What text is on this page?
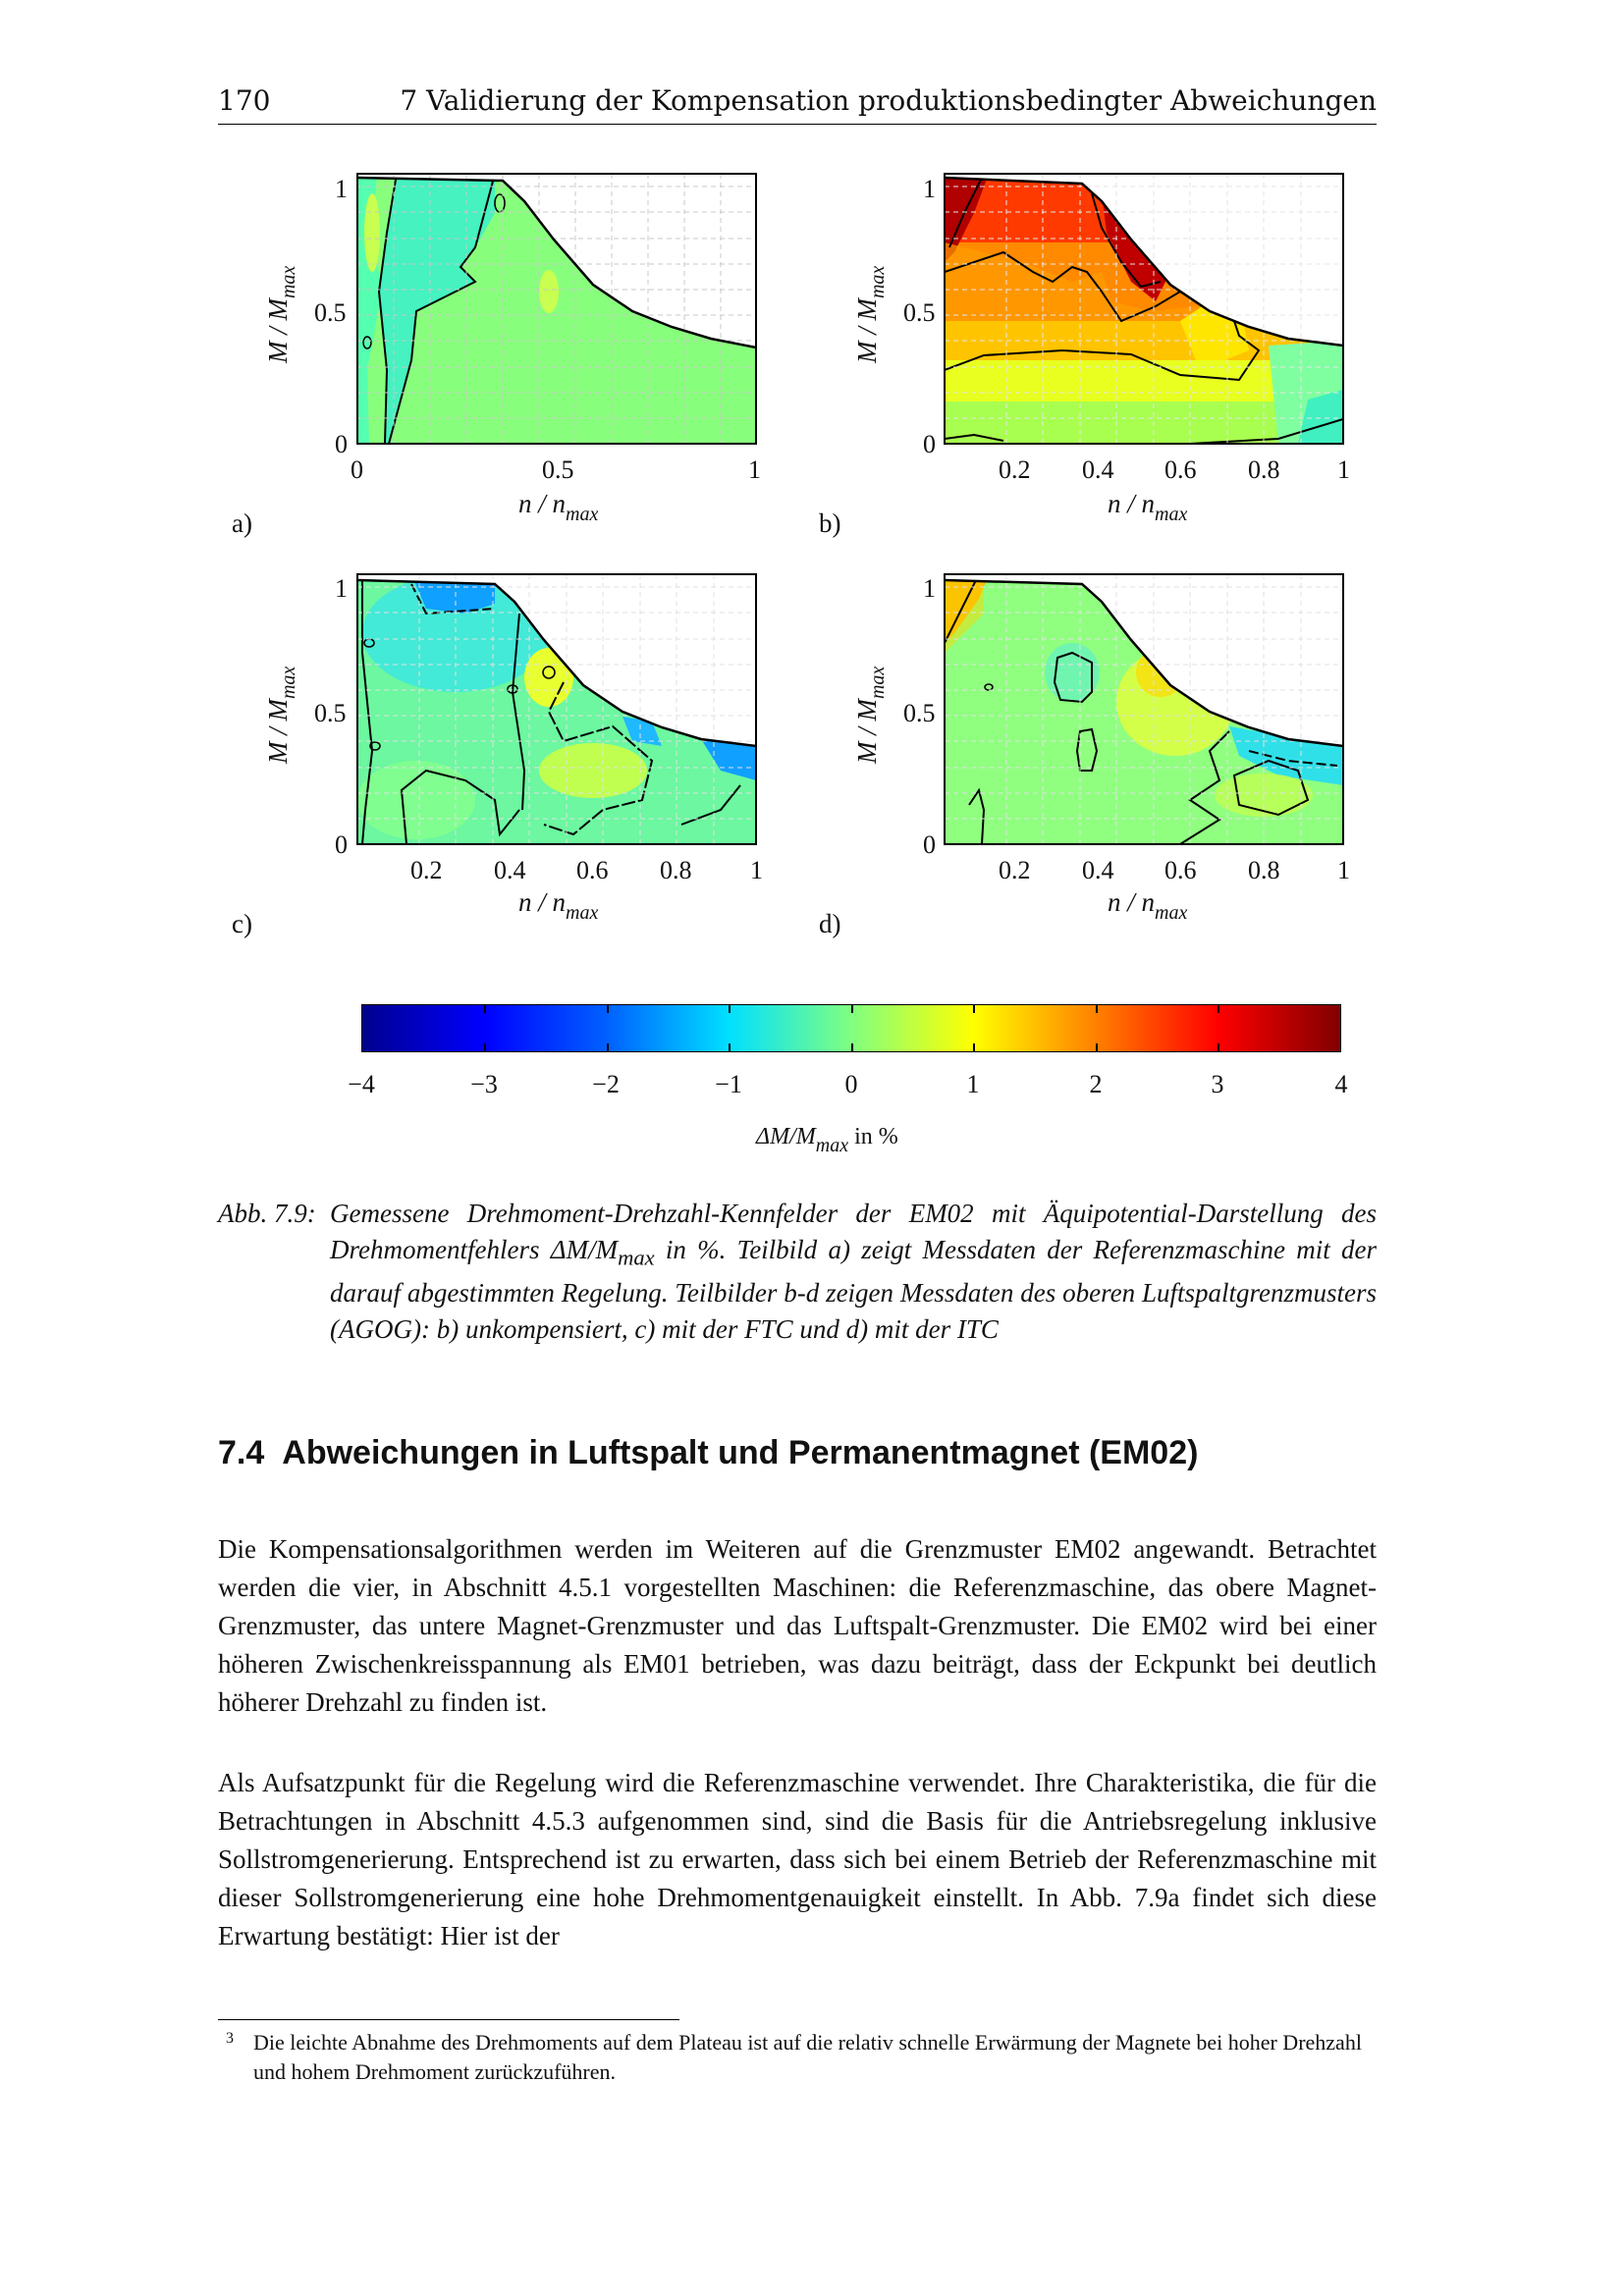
170	7 Validierung der Kompensation produktionsbedingter Abweichungen
1
0.5
0
0	0.5	1
M / $M_{max}$
n / $n_{max}$
a)
1
0.5
0
0.2 0.4 0.6 0.8 1
M / $M_{max}$
n / $n_{max}$
b)
1
0.5
0
0.2 0.4 0.6 0.8 1
M / $M_{max}$
n / $n_{max}$
c)
1
0.5
0
0.2 0.4 0.6 0.8 1
M / $M_{max}$
n / $n_{max}$
d)
−4	−3	−2	−1	0	1	2	3	4
$\Delta M/M_{max}$ in %
Abb. 7.9: Gemessene Drehmoment-Drehzahl-Kennfelder der EM02 mit Äquipotential-Darstellung des Drehmomentfehlers $\Delta M/M_{max}$ in %. Teilbild a) zeigt Messdaten der Referenzmaschine mit der darauf abgestimmten Regelung. Teilbilder b-d zeigen Messdaten des oberen Luftspaltgrenzmusters (AGOG): b) unkompensiert, c) mit der FTC und d) mit der ITC
7.4 Abweichungen in Luftspalt und Permanentmagnet (EM02)
Die Kompensationsalgorithmen werden im Weiteren auf die Grenzmuster EM02 angewandt. Betrachtet werden die vier, in Abschnitt 4.5.1 vorgestellten Maschinen: die Referenzmaschine, das obere Magnet-Grenzmuster, das untere Magnet-Grenzmuster und das Luftspalt-Grenzmuster. Die EM02 wird bei einer höheren Zwischenkreisspannung als EM01 betrieben, was dazu beiträgt, dass der Eckpunkt bei deutlich höherer Drehzahl zu finden ist.
Als Aufsatzpunkt für die Regelung wird die Referenzmaschine verwendet. Ihre Charakteristika, die für die Betrachtungen in Abschnitt 4.5.3 aufgenommen sind, sind die Basis für die Antriebsregelung inklusive Sollstromgenerierung. Entsprechend ist zu erwarten, dass sich bei einem Betrieb der Referenzmaschine mit dieser Sollstromgenerierung eine hohe Drehmomentgenauigkeit einstellt. In Abb. 7.9a findet sich diese Erwartung bestätigt: Hier ist der
3 Die leichte Abnahme des Drehmoments auf dem Plateau ist auf die relativ schnelle Erwärmung der Magnete bei hoher Drehzahl und hohem Drehmoment zurückzuführen.
